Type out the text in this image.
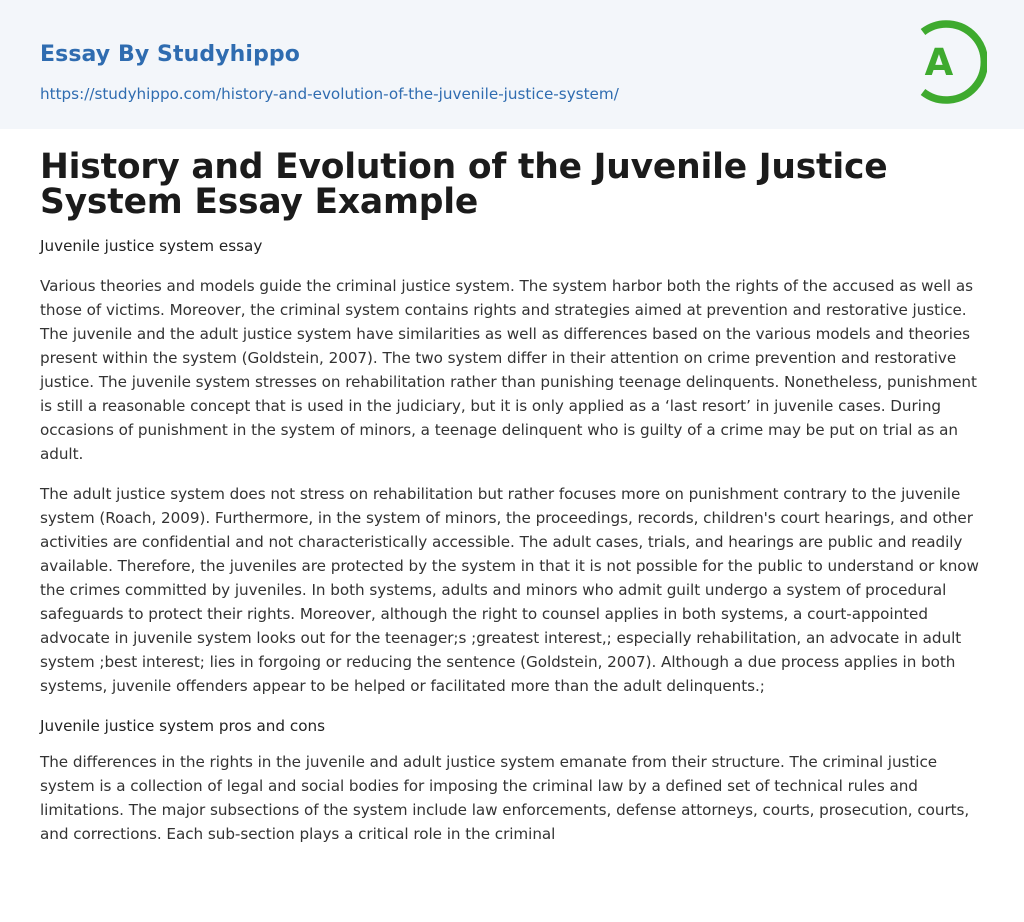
Essay By Studyhippo
https://studyhippo.com/history-and-evolution-of-the-juvenile-justice-system/
A
History and Evolution of the Juvenile Justice System Essay Example
Juvenile justice system essay

Various theories and models guide the criminal justice system. The system harbor both the rights of the accused as well as those of victims. Moreover, the criminal system contains rights and strategies aimed at prevention and restorative justice. The juvenile and the adult justice system have similarities as well as differences based on the various models and theories present within the system (Goldstein, 2007). The two system differ in their attention on crime prevention and restorative justice. The juvenile system stresses on rehabilitation rather than punishing teenage delinquents. Nonetheless, punishment is still a reasonable concept that is used in the judiciary, but it is only applied as a ‘last resort’ in juvenile cases. During occasions of punishment in the system of minors, a teenage delinquent who is guilty of a crime may be put on trial as an adult.

The adult justice system does not stress on rehabilitation but rather focuses more on punishment contrary to the juvenile system (Roach, 2009). Furthermore, in the system of minors, the proceedings, records, children's court hearings, and other activities are confidential and not characteristically accessible. The adult cases, trials, and hearings are public and readily available. Therefore, the juveniles are protected by the system in that it is not possible for the public to understand or know the crimes committed by juveniles. In both systems, adults and minors who admit guilt undergo a system of procedural safeguards to protect their rights. Moreover, although the right to counsel applies in both systems, a court-appointed advocate in juvenile system looks out for the teenager;s ;greatest interest,; especially rehabilitation, an advocate in adult system ;best interest; lies in forgoing or reducing the sentence (Goldstein, 2007). Although a due process applies in both systems, juvenile offenders appear to be helped or facilitated more than the adult delinquents.;

Juvenile justice system pros and cons

The differences in the rights in the juvenile and adult justice system emanate from their structure. The criminal justice system is a collection of legal and social bodies for imposing the criminal law by a defined set of technical rules and limitations. The major subsections of the system include law enforcements, defense attorneys, courts, prosecution, courts, and corrections. Each sub-section plays a critical role in the criminal
